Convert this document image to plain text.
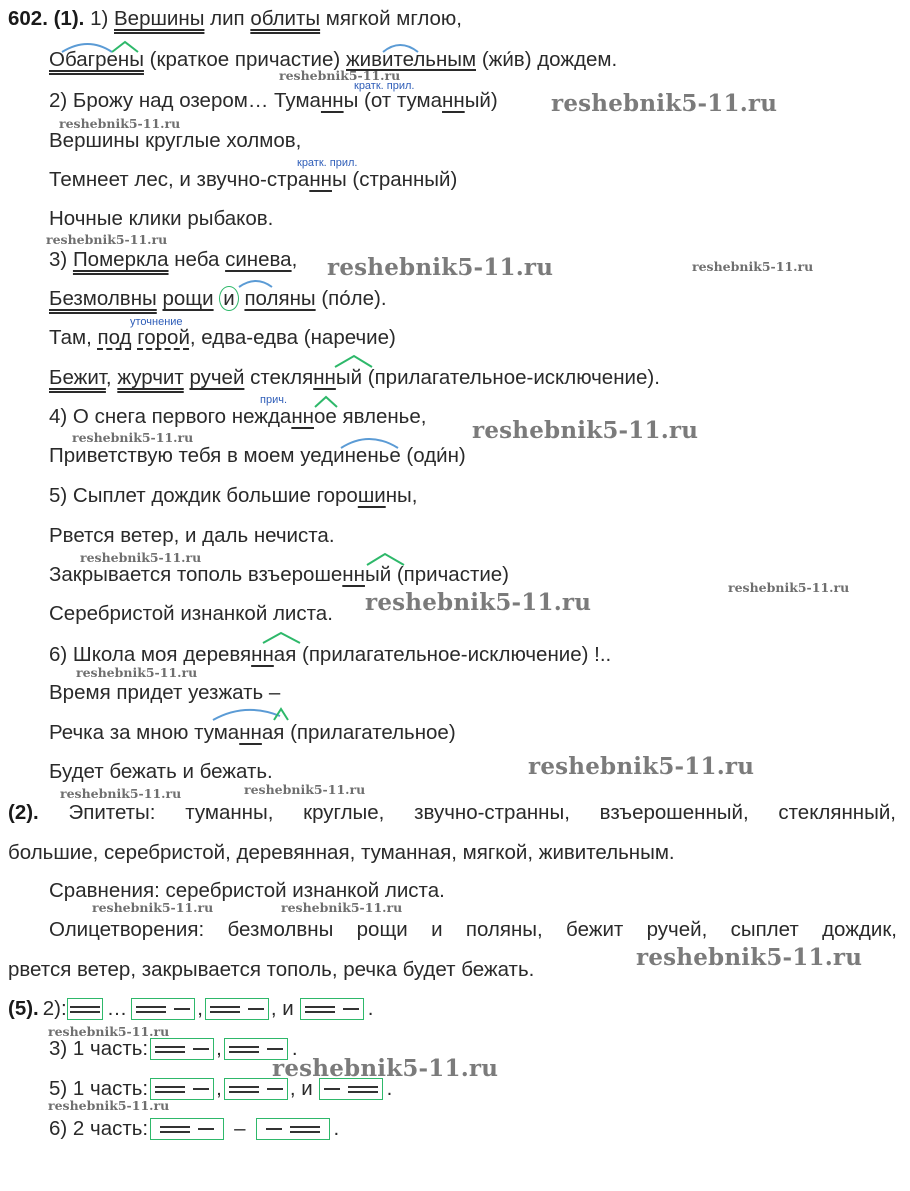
602. (1). 1) Вершины лип облиты мягкой мглою,
Обагрены (краткое причастие) живительным (жи́в) дождем.
2) Брожу над озером… Туманны (от туманный)
Вершины круглые холмов,
Темнеет лес, и звучно-странны (странный)
Ночные клики рыбаков.
3) Померкла неба синева,
Безмолвны рощи и поляны (по́ле).
Там, под горой, едва-едва (наречие)
Бежит, журчит ручей стеклянный (прилагательное-исключение).
4) О снега первого нежданное явленье,
Приветствую тебя в моем уединенье (оди́н)
5) Сыплет дождик большие горошины,
Рвется ветер, и даль нечиста.
Закрывается тополь взъерошенный (причастие)
Серебристой изнанкой листа.
6) Школа моя деревянная (прилагательное-исключение) !..
Время придет уезжать –
Речка за мною туманная (прилагательное)
Будет бежать и бежать.
(2). Эпитеты: туманны, круглые, звучно-странны, взъерошенный, стеклянный,
большие, серебристой, деревянная, туманная, мягкой, живительным.
Сравнения: серебристой изнанкой листа.
Олицетворения: безмолвны рощи и поляны, бежит ручей, сыплет дождик,
рвется ветер, закрывается тополь, речка будет бежать.
(5). 2): …	,	, и	.
3) 1 часть:	,	.
5) 1 часть:	,	, и	.
6) 2 часть:	–	.
кратк. прил.
кратк. прил.
уточнение
прич.
reshebnik5-11.ru
reshebnik5-11.ru
reshebnik5-11.ru
reshebnik5-11.ru
reshebnik5-11.ru	reshebnik5-11.ru
reshebnik5-11.ru	reshebnik5-11.ru
reshebnik5-11.ru
reshebnik5-11.ru
reshebnik5-11.ru
reshebnik5-11.ru
reshebnik5-11.ru
reshebnik5-11.ru	reshebnik5-11.ru
reshebnik5-11.ru	reshebnik5-11.ru
reshebnik5-11.ru
reshebnik5-11.ru
reshebnik5-11.ru
reshebnik5-11.ru
